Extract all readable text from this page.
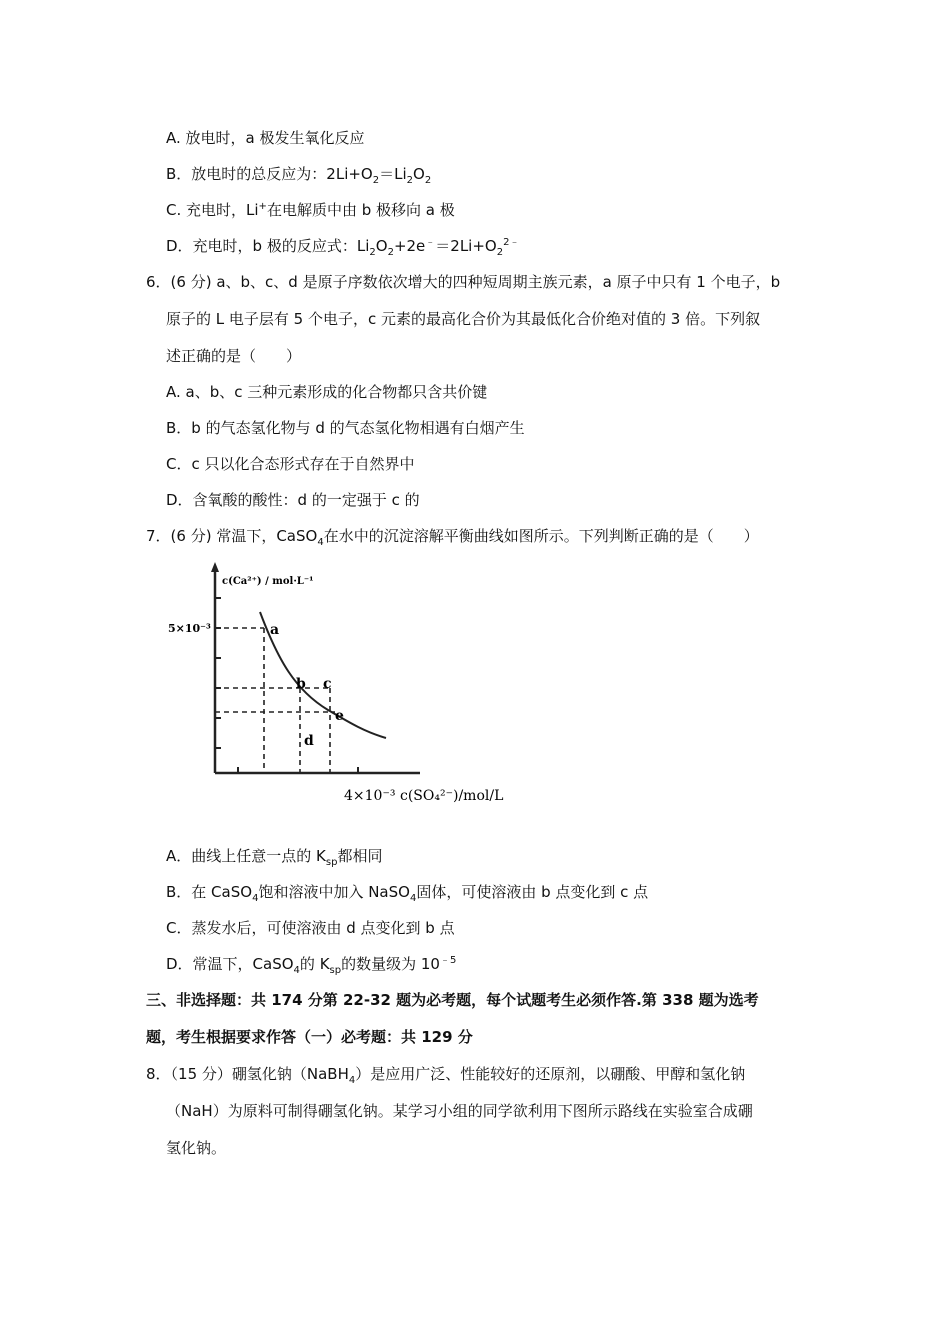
A. 放电时，a 极发生氧化反应
B．放电时的总反应为：$2Li+O_2=Li_2O_2$
C. 充电时，Li+在电解质中由 b 极移向 a 极
D．充电时，b 极的反应式：$Li_2O_2+2e^﹣=2Li+O_2^{2﹣}$
6．(6 分) a、b、c、d 是原子序数依次增大的四种短周期主族元素，a 原子中只有 1 个电子，b
原子的 L 电子层有 5 个电子，c 元素的最高化合价为其最低化合价绝对值的 3 倍。下列叙
述正确的是（　　）
A. a、b、c 三种元素形成的化合物都只含共价键
B．b 的气态氢化物与 d 的气态氢化物相遇有白烟产生
C．c 只以化合态形式存在于自然界中
D．含氧酸的酸性：d 的一定强于 c 的
7．(6 分) 常温下，CaSO$_4$在水中的沉淀溶解平衡曲线如图所示。下列判断正确的是（　　）
a
b c
d
e
c(Ca²⁺) / mol·L⁻¹
5×10⁻³
4×10⁻³ c(SO₄²⁻)/mol/L
A．曲线上任意一点的 $K_{sp}$都相同
B．在 CaSO$_4$饱和溶液中加入 NaSO$_4$固体，可使溶液由 b 点变化到 c 点
C．蒸发水后，可使溶液由 d 点变化到 b 点
D．常温下，CaSO$_4$的 $K_{sp}$的数量级为 $10^{﹣5}$
三、非选择题：共 174 分第 22-32 题为必考题，每个试题考生必须作答.第 338 题为选考
题，考生根据要求作答（一）必考题：共 129 分
8．（15 分）硼氢化钠（NaBH$_4$）是应用广泛、性能较好的还原剂，以硼酸、甲醇和氢化钠
（NaH）为原料可制得硼氢化钠。某学习小组的同学欲利用下图所示路线在实验室合成硼
氢化钠。
